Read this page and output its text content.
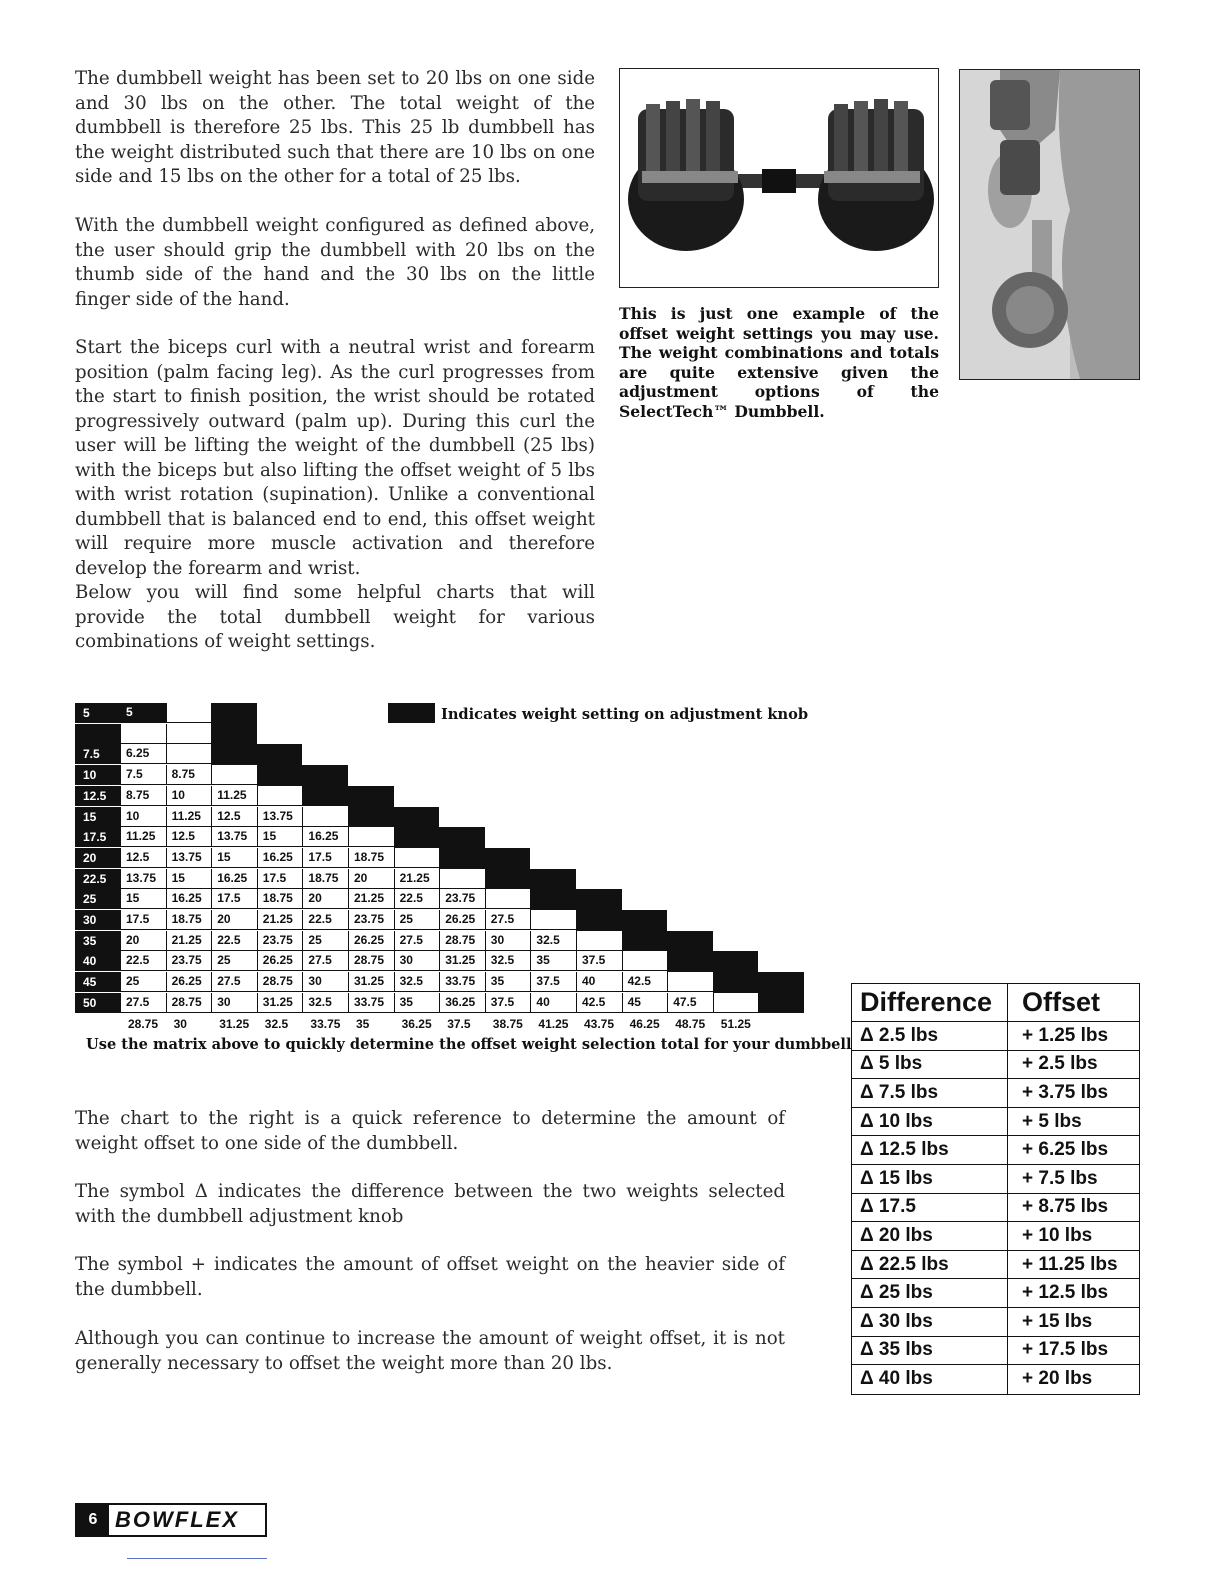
The dumbbell weight has been set to 20 lbs on one side and 30 lbs on the other. The total weight of the dumbbell is therefore 25 lbs. This 25 lb dumbbell has the weight distributed such that there are 10 lbs on one side and 15 lbs on the other for a total of 25 lbs.

With the dumbbell weight configured as defined above, the user should grip the dumbbell with 20 lbs on the thumb side of the hand and the 30 lbs on the little finger side of the hand.

Start the biceps curl with a neutral wrist and forearm position (palm facing leg). As the curl progresses from the start to finish position, the wrist should be rotated progressively outward (palm up). During this curl the user will be lifting the weight of the dumbbell (25 lbs) with the biceps but also lifting the offset weight of 5 lbs with wrist rotation (supination). Unlike a conventional dumbbell that is balanced end to end, this offset weight will require more muscle activation and therefore develop the forearm and wrist.

Below you will find some helpful charts that will provide the total dumbbell weight for various combinations of weight settings.

This is just one example of the offset weight settings you may use. The weight combinations and totals are quite extensive given the adjustment options of the SelectTech™ Dumbbell.

Indicates weight setting on adjustment knob
5	5
7.5	6.25
10	7.5	8.75
12.5	8.75	10	11.25
15	10	11.25	12.5	13.75
17.5	11.25	12.5	13.75	15	16.25
20	12.5	13.75	15	16.25	17.5	18.75
22.5	13.75	15	16.25	17.5	18.75	20	21.25
25	15	16.25	17.5	18.75	20	21.25	22.5	23.75
30	17.5	18.75	20	21.25	22.5	23.75	25	26.25	27.5
35	20	21.25	22.5	23.75	25	26.25	27.5	28.75	30	32.5
40	22.5	23.75	25	26.25	27.5	28.75	30	31.25	32.5	35	37.5
45	25	26.25	27.5	28.75	30	31.25	32.5	33.75	35	37.5	40	42.5
50	27.5	28.75	30	31.25	32.5	33.75	35	36.25	37.5	40	42.5	45	47.5
28.75 30	31.25 32.5 33.75 35	36.25 37.5 38.75 41.25 43.75 46.25 48.75 51.25
Use the matrix above to quickly determine the offset weight selection total for your dumbbell

The chart to the right is a quick reference to determine the amount of weight offset to one side of the dumbbell.

The symbol Δ indicates the difference between the two weights selected with the dumbbell adjustment knob

The symbol + indicates the amount of offset weight on the heavier side of the dumbbell.

Although you can continue to increase the amount of weight offset, it is not generally necessary to offset the weight more than 20 lbs.

Difference	Offset
Δ 2.5 lbs	+ 1.25 lbs
Δ 5 lbs	+ 2.5 lbs
Δ 7.5 lbs	+ 3.75 lbs
Δ 10 lbs	+ 5 lbs
Δ 12.5 lbs	+ 6.25 lbs
Δ 15 lbs	+ 7.5 lbs
Δ 17.5	+ 8.75 lbs
Δ 20 lbs	+ 10 lbs
Δ 22.5 lbs	+ 11.25 lbs
Δ 25 lbs	+ 12.5 lbs
Δ 30 lbs	+ 15 lbs
Δ 35 lbs	+ 17.5 lbs
Δ 40 lbs	+ 20 lbs
6 BOWFLEX
